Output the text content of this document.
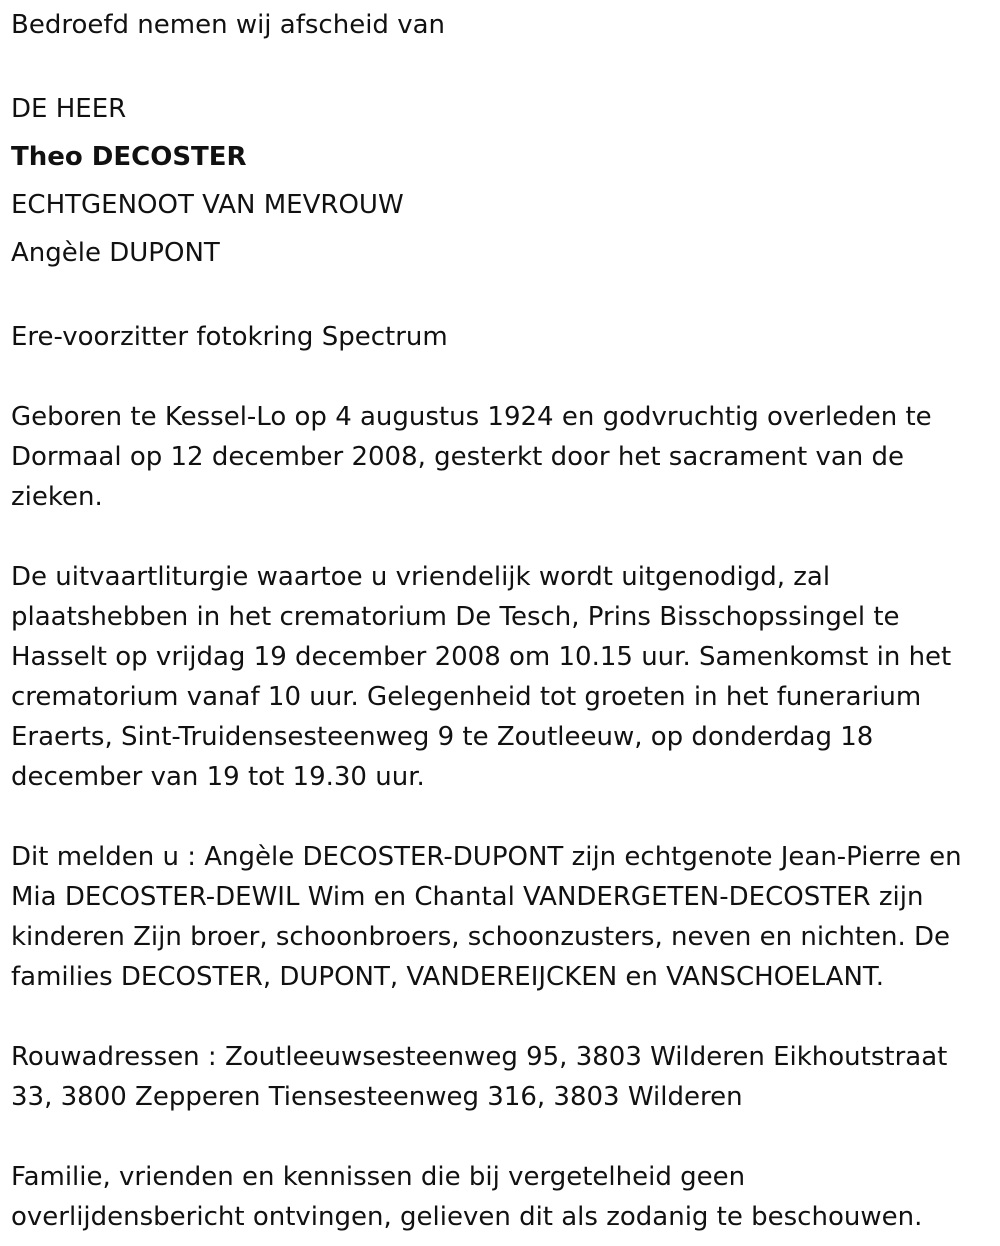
Bedroefd nemen wij afscheid van
DE HEER
Theo DECOSTER
ECHTGENOOT VAN MEVROUW
Angèle DUPONT
Ere-voorzitter fotokring Spectrum
Geboren te Kessel-Lo op 4 augustus 1924 en godvruchtig overleden te
Dormaal op 12 december 2008, gesterkt door het sacrament van de
zieken.
De uitvaartliturgie waartoe u vriendelijk wordt uitgenodigd, zal
plaatshebben in het crematorium De Tesch, Prins Bisschopssingel te
Hasselt op vrijdag 19 december 2008 om 10.15 uur. Samenkomst in het
crematorium vanaf 10 uur. Gelegenheid tot groeten in het funerarium
Eraerts, Sint-Truidensesteenweg 9 te Zoutleeuw, op donderdag 18
december van 19 tot 19.30 uur.
Dit melden u : Angèle DECOSTER-DUPONT zijn echtgenote Jean-Pierre en
Mia DECOSTER-DEWIL Wim en Chantal VANDERGETEN-DECOSTER zijn
kinderen Zijn broer, schoonbroers, schoonzusters, neven en nichten. De
families DECOSTER, DUPONT, VANDEREIJCKEN en VANSCHOELANT.
Rouwadressen : Zoutleeuwsesteenweg 95, 3803 Wilderen Eikhoutstraat
33, 3800 Zepperen Tiensesteenweg 316, 3803 Wilderen
Familie, vrienden en kennissen die bij vergetelheid geen
overlijdensbericht ontvingen, gelieven dit als zodanig te beschouwen.
